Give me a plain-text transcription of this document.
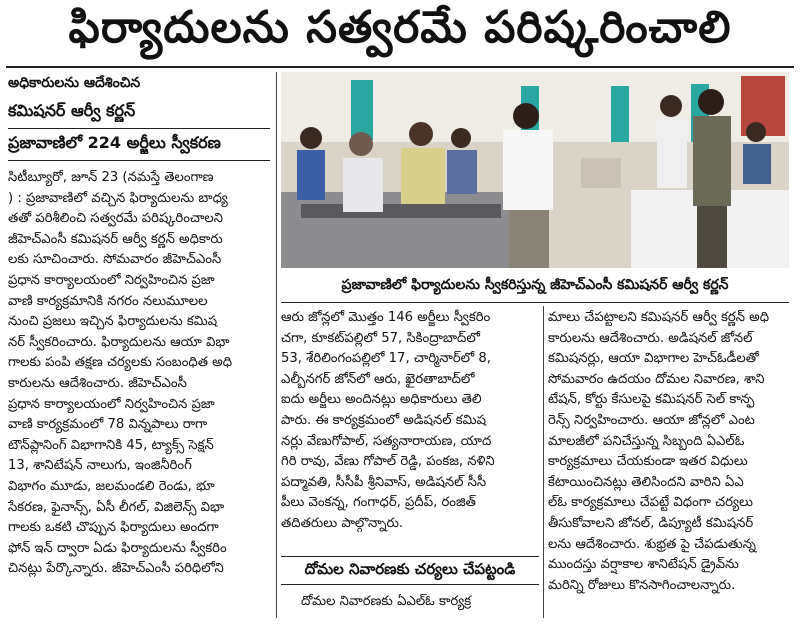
ఫిర్యాదులను సత్వరమే పరిష్కరించాలి
అధికారులను ఆదేశించిన
కమిషనర్ ఆర్వీ కర్ణన్
ప్రజావాణిలో 224 అర్జీలు స్వీకరణ

సిటీబ్యూరో, జూన్ 23 (నమస్తే తెలంగాణ

) : ప్రజావాణిలో వచ్చిన ఫిర్యాదులను బాధ్య

తతో పరిశీలించి సత్వరమే పరిష్కరించాలని

జీహెచ్‌ఎంసీ కమిషనర్ ఆర్వీ కర్ణన్ అధికారు

లకు సూచించారు. సోమవారం జీహెచ్‌ఎంసీ

ప్రధాన కార్యాలయంలో నిర్వహించిన ప్రజా

వాణి కార్యక్రమానికి నగరం నలుమూలల

నుంచి ప్రజలు ఇచ్చిన ఫిర్యాదులను కమిష

నర్ స్వీకరించారు. ఫిర్యాదులను ఆయా విభా

గాలకు పంపి తక్షణ చర్యలకు సంబంధిత అధి

కారులను ఆదేశించారు. జీహెచ్‌ఎంసీ

ప్రధాన కార్యాలయంలో నిర్వహించిన ప్రజా

వాణి కార్యక్రమంలో 78 విన్నపాలు రాగా

టౌన్‌ప్లానింగ్ విభాగానికి 45, ట్యాక్స్ సెక్షన్

13, శానిటేషన్ నాలుగు, ఇంజినీరింగ్

విభాగం మూడు, జలమండలి రెండు, భూ

సేకరణ, ఫైనాన్స్, ఏసీ లీగల్, విజిలెన్స్ విభా

గాలకు ఒకటి చొప్పున ఫిర్యాదులు అందగా

ఫోన్ ఇన్ ద్వారా ఏడు ఫిర్యాదులను స్వీకరిం

చినట్లు పేర్కొన్నారు. జీహెచ్‌ఎంసీ పరిధిలోని

ప్రజావాణిలో ఫిర్యాదులను స్వీకరిస్తున్న జీహెచ్‌ఎంసీ కమిషనర్ ఆర్వీ కర్ణన్

ఆరు జోన్లలో మొత్తం 146 అర్జీలు స్వీకరిం

చగా, కూకట్‌పల్లిలో 57, సికింద్రాబాద్‌లో

53, శేరిలింగంపల్లిలో 17, చార్మినార్‌లో 8,

ఎల్బీనగర్ జోన్‌లో ఆరు, ఖైరతాబాద్‌లో

ఐదు అర్జీలు అందినట్లు అధికారులు తెలి

పారు. ఈ కార్యక్రమంలో అడిషనల్ కమిష

నర్లు వేణుగోపాల్, సత్యనారాయణ, యాద

గిరి రావు, వేణు గోపాల్ రెడ్డి, పంకజ, నళిని

పద్మావతి, సీసీపీ శ్రీనివాస్, అడిషనల్ సీసీ

పీలు వెంకన్న, గంగాధర్, ప్రదీప్, రంజిత్

తదితరులు పాల్గొన్నారు.

దోమల నివారణకు చర్యలు చేపట్టండి

దోమల నివారణకు ఏఎల్ఓ కార్యక్ర

మాలు చేపట్టాలని కమిషనర్ ఆర్వీ కర్ణన్ అధి

కారులను ఆదేశించారు. అడిషనల్ జోనల్

కమిషనర్లు, ఆయా విభాగాల హెచ్‌ఓడీలతో

సోమవారం ఉదయం దోమల నివారణ, శాని

టేషన్, కోర్టు కేసులపై కమిషనర్ సెల్ కాన్ఫ

రెన్స్ నిర్వహించారు. ఆయా జోన్లలో ఎంట

మాలజీలో పనిచేస్తున్న సిబ్బంది ఏఎల్ఓ

కార్యక్రమాలు చేయకుండా ఇతర విధులు

కేటాయించినట్లు తెలిసిందని వారిని ఏఎ

ల్ఓ కార్యక్రమాలు చేపట్టే విధంగా చర్యలు

తీసుకోవాలని జోనల్, డిప్యూటీ కమిషనర్

లను ఆదేశించారు. శుభ్రత పై చేపడుతున్న

ముందస్తు వర్షాకాల శానిటేషన్ డ్రైవ్‌ను

మరిన్ని రోజులు కొనసాగించాలన్నారు.
